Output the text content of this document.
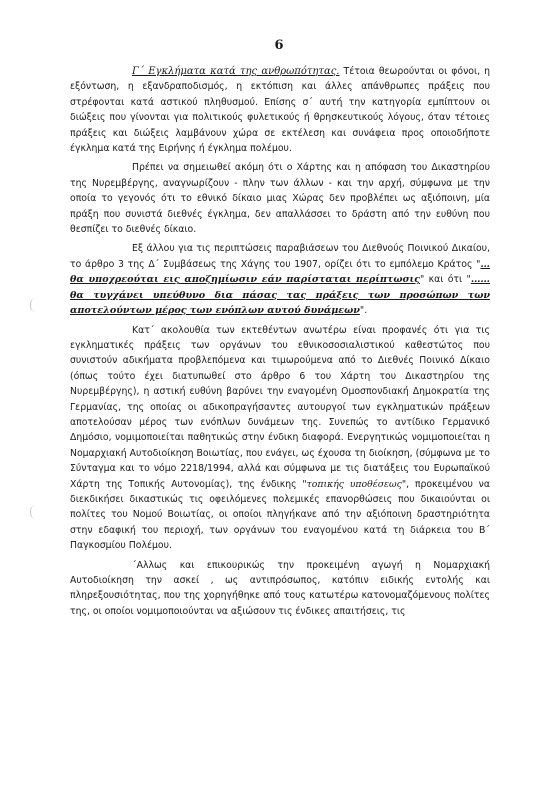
6

Γ΄ Εγκλήματα κατά της ανθρωπότητας. Τέτοια θεωρούνται οι φόνοι, η εξόντωση, η εξανδραποδισμός, η εκτόπιση και άλλες απάνθρωπες πράξεις που στρέφονται κατά αστικού πληθυσμού. Επίσης σ΄ αυτή την κατηγορία εμπίπτουν οι διώξεις που γίνονται για πολιτικούς φυλετικούς ή θρησκευτικούς λόγους, όταν τέτοιες πράξεις και διώξεις λαμβάνουν χώρα σε εκτέλεση και συνάφεια προς οποιοδήποτε έγκλημα κατά της Ειρήνης ή έγκλημα πολέμου.

Πρέπει να σημειωθεί ακόμη ότι ο Χάρτης και η απόφαση του Δικαστηρίου της Νυρεμβέργης, αναγνωρίζουν - πλην των άλλων - και την αρχή, σύμφωνα με την οποία το γεγονός ότι το εθνικό δίκαιο μιας Χώρας δεν προβλέπει ως αξιόποινη, μία πράξη που συνιστά διεθνές έγκλημα, δεν απαλλάσσει το δράστη από την ευθύνη που θεσπίζει το διεθνές δίκαιο.

Εξ άλλου για τις περιπτώσεις παραβιάσεων του Διεθνούς Ποινικού Δικαίου, το άρθρο 3 της Δ΄ Συμβάσεως της Χάγης του 1907, ορίζει ότι το εμπόλεμο Κράτος "… θα υποχρεούται εις αποζημίωσιν εάν παρίσταται περίπτωσις" και ότι "…… θα τυγχάνει υπεύθυνο δια πάσας τας πράξεις των προσώπων των αποτελούντων μέρος των ενόπλων αυτού δυνάμεων".

Κατ΄ ακολουθία των εκτεθέντων ανωτέρω είναι προφανές ότι για τις εγκληματικές πράξεις των οργάνων του εθνικοσοσιαλιστικού καθεστώτος που συνιστούν αδικήματα προβλεπόμενα και τιμωρούμενα από το Διεθνές Ποινικό Δίκαιο (όπως τούτο έχει διατυπωθεί στο άρθρο 6 του Χάρτη του Δικαστηρίου της Νυρεμβέργης), η αστική ευθύνη βαρύνει την εναγομένη Ομοσπονδιακή Δημοκρατία της Γερμανίας, της οποίας οι αδικοπραγήσαντες αυτουργοί των εγκληματικών πράξεων αποτελούσαν μέρος των ενόπλων δυνάμεων της. Συνεπώς το αντίδικο Γερμανικό Δημόσιο, νομιμοποιείται παθητικώς στην ένδικη διαφορά. Ενεργητικώς νομιμοποιείται η Νομαρχιακή Αυτοδιοίκηση Βοιωτίας, που ενάγει, ως έχουσα τη διοίκηση, (σύμφωνα με το Σύνταγμα και το νόμο 2218/1994, αλλά και σύμφωνα με τις διατάξεις του Ευρωπαϊκού Χάρτη της Τοπικής Αυτονομίας), της ένδικης "τοπικής υποθέσεως", προκειμένου να διεκδικήσει δικαστικώς τις οφειλόμενες πολεμικές επανορθώσεις που δικαιούνται οι πολίτες του Νομού Βοιωτίας, οι οποίοι πληγήκανε από την αξιόποινη δραστηριότητα στην εδαφική του περιοχή, των οργάνων του εναγομένου κατά τη διάρκεια του Β΄ Παγκοσμίου Πολέμου.

΄Αλλως και επικουρικώς την προκειμένη αγωγή η Νομαρχιακή Αυτοδιοίκηση την ασκεί , ως αντιπρόσωπος, κατόπιν ειδικής εντολής και πληρεξουσιότητας, που της χορηγήθηκε από τους κατωτέρω κατονομαζόμενους πολίτες της, οι οποίοι νομιμοποιούνται να αξιώσουν τις ένδικες απαιτήσεις, τις
